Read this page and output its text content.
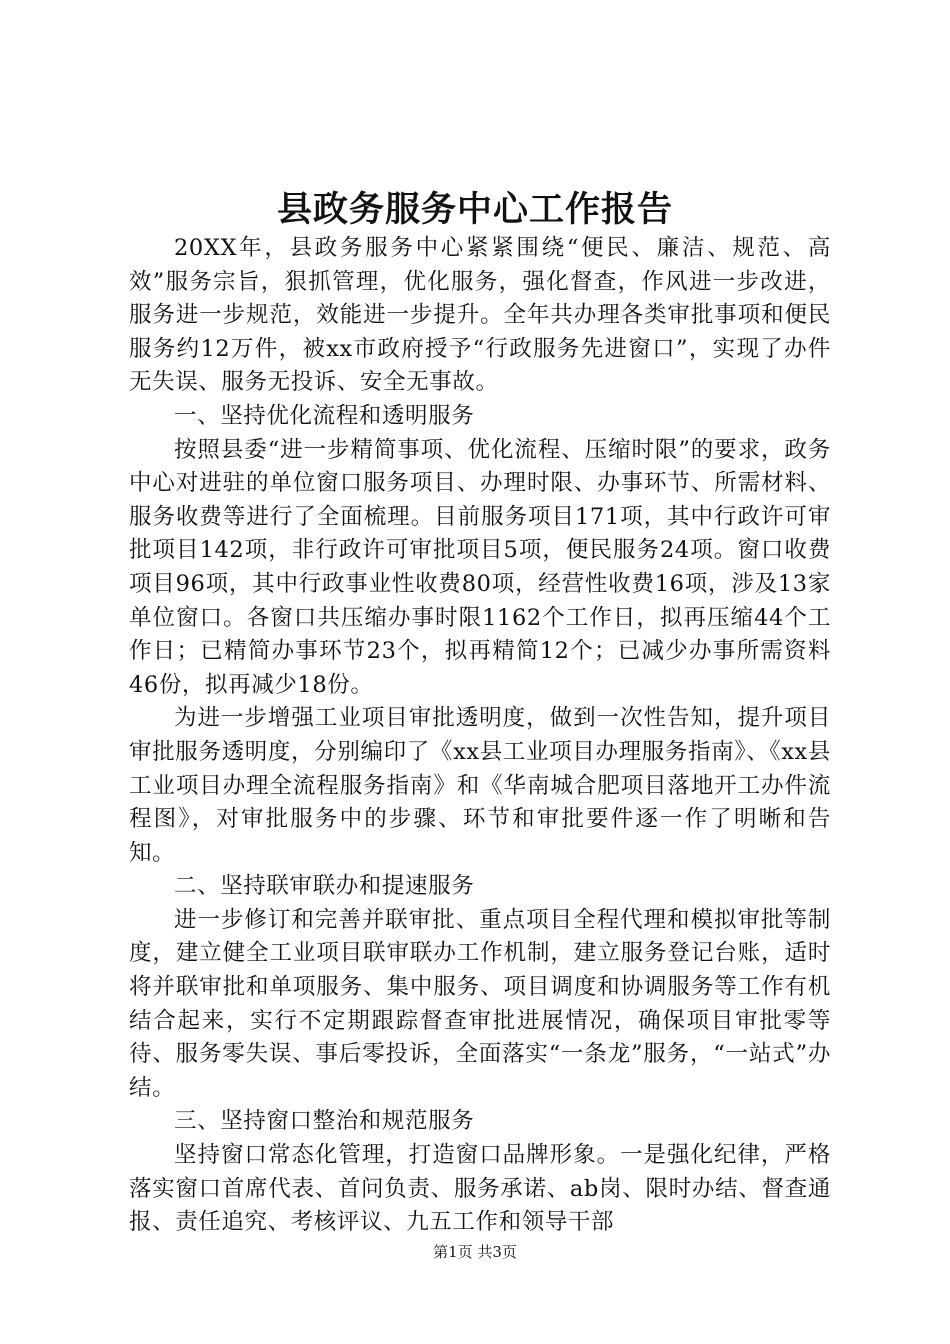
县政务服务中心工作报告

20XX年，县政务服务中心紧紧围绕“便民、廉洁、规范、高效”服务宗旨，狠抓管理，优化服务，强化督查，作风进一步改进，服务进一步规范，效能进一步提升。全年共办理各类审批事项和便民服务约12万件，被xx市政府授予“行政服务先进窗口”，实现了办件无失误、服务无投诉、安全无事故。

一、坚持优化流程和透明服务

按照县委“进一步精简事项、优化流程、压缩时限”的要求，政务中心对进驻的单位窗口服务项目、办理时限、办事环节、所需材料、服务收费等进行了全面梳理。目前服务项目171项，其中行政许可审批项目142项，非行政许可审批项目5项，便民服务24项。窗口收费项目96项，其中行政事业性收费80项，经营性收费16项，涉及13家单位窗口。各窗口共压缩办事时限1162个工作日，拟再压缩44个工作日；已精简办事环节23个，拟再精简12个；已减少办事所需资料46份，拟再减少18份。

为进一步增强工业项目审批透明度，做到一次性告知，提升项目审批服务透明度，分别编印了《xx县工业项目办理服务指南》、《xx县工业项目办理全流程服务指南》和《华南城合肥项目落地开工办件流程图》，对审批服务中的步骤、环节和审批要件逐一作了明晰和告知。

二、坚持联审联办和提速服务

进一步修订和完善并联审批、重点项目全程代理和模拟审批等制度，建立健全工业项目联审联办工作机制，建立服务登记台账，适时将并联审批和单项服务、集中服务、项目调度和协调服务等工作有机结合起来，实行不定期跟踪督查审批进展情况，确保项目审批零等待、服务零失误、事后零投诉，全面落实“一条龙”服务，“一站式”办结。

三、坚持窗口整治和规范服务

坚持窗口常态化管理，打造窗口品牌形象。一是强化纪律，严格落实窗口首席代表、首问负责、服务承诺、ab岗、限时办结、督查通报、责任追究、考核评议、九五工作和领导干部

第1页 共3页
